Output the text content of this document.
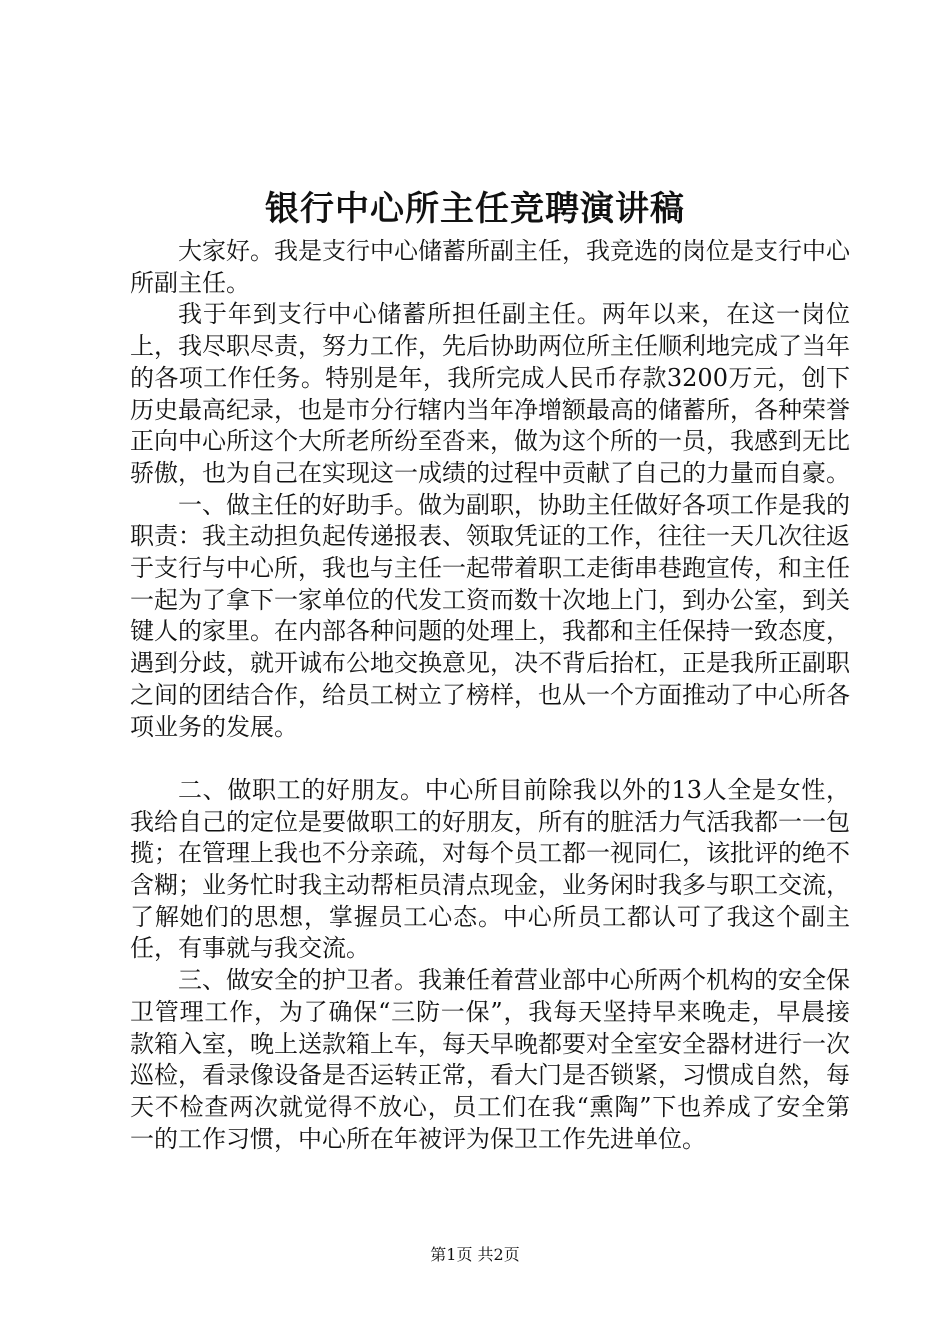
银行中心所主任竞聘演讲稿

大家好。我是支行中心储蓄所副主任，我竞选的岗位是支行中心所副主任。

我于年到支行中心储蓄所担任副主任。两年以来，在这一岗位上，我尽职尽责，努力工作，先后协助两位所主任顺利地完成了当年的各项工作任务。特别是年，我所完成人民币存款3200万元，创下历史最高纪录，也是市分行辖内当年净增额最高的储蓄所，各种荣誉正向中心所这个大所老所纷至沓来，做为这个所的一员，我感到无比骄傲，也为自己在实现这一成绩的过程中贡献了自己的力量而自豪。

一、做主任的好助手。做为副职，协助主任做好各项工作是我的职责：我主动担负起传递报表、领取凭证的工作，往往一天几次往返于支行与中心所，我也与主任一起带着职工走街串巷跑宣传，和主任一起为了拿下一家单位的代发工资而数十次地上门，到办公室，到关键人的家里。在内部各种问题的处理上，我都和主任保持一致态度，遇到分歧，就开诚布公地交换意见，决不背后抬杠，正是我所正副职之间的团结合作，给员工树立了榜样，也从一个方面推动了中心所各项业务的发展。

二、做职工的好朋友。中心所目前除我以外的13人全是女性，我给自己的定位是要做职工的好朋友，所有的脏活力气活我都一一包揽；在管理上我也不分亲疏，对每个员工都一视同仁，该批评的绝不含糊；业务忙时我主动帮柜员清点现金，业务闲时我多与职工交流，了解她们的思想，掌握员工心态。中心所员工都认可了我这个副主任，有事就与我交流。

三、做安全的护卫者。我兼任着营业部中心所两个机构的安全保卫管理工作，为了确保“三防一保”，我每天坚持早来晚走，早晨接款箱入室，晚上送款箱上车，每天早晚都要对全室安全器材进行一次巡检，看录像设备是否运转正常，看大门是否锁紧，习惯成自然，每天不检查两次就觉得不放心，员工们在我“熏陶”下也养成了安全第一的工作习惯，中心所在年被评为保卫工作先进单位。

第1页 共2页
